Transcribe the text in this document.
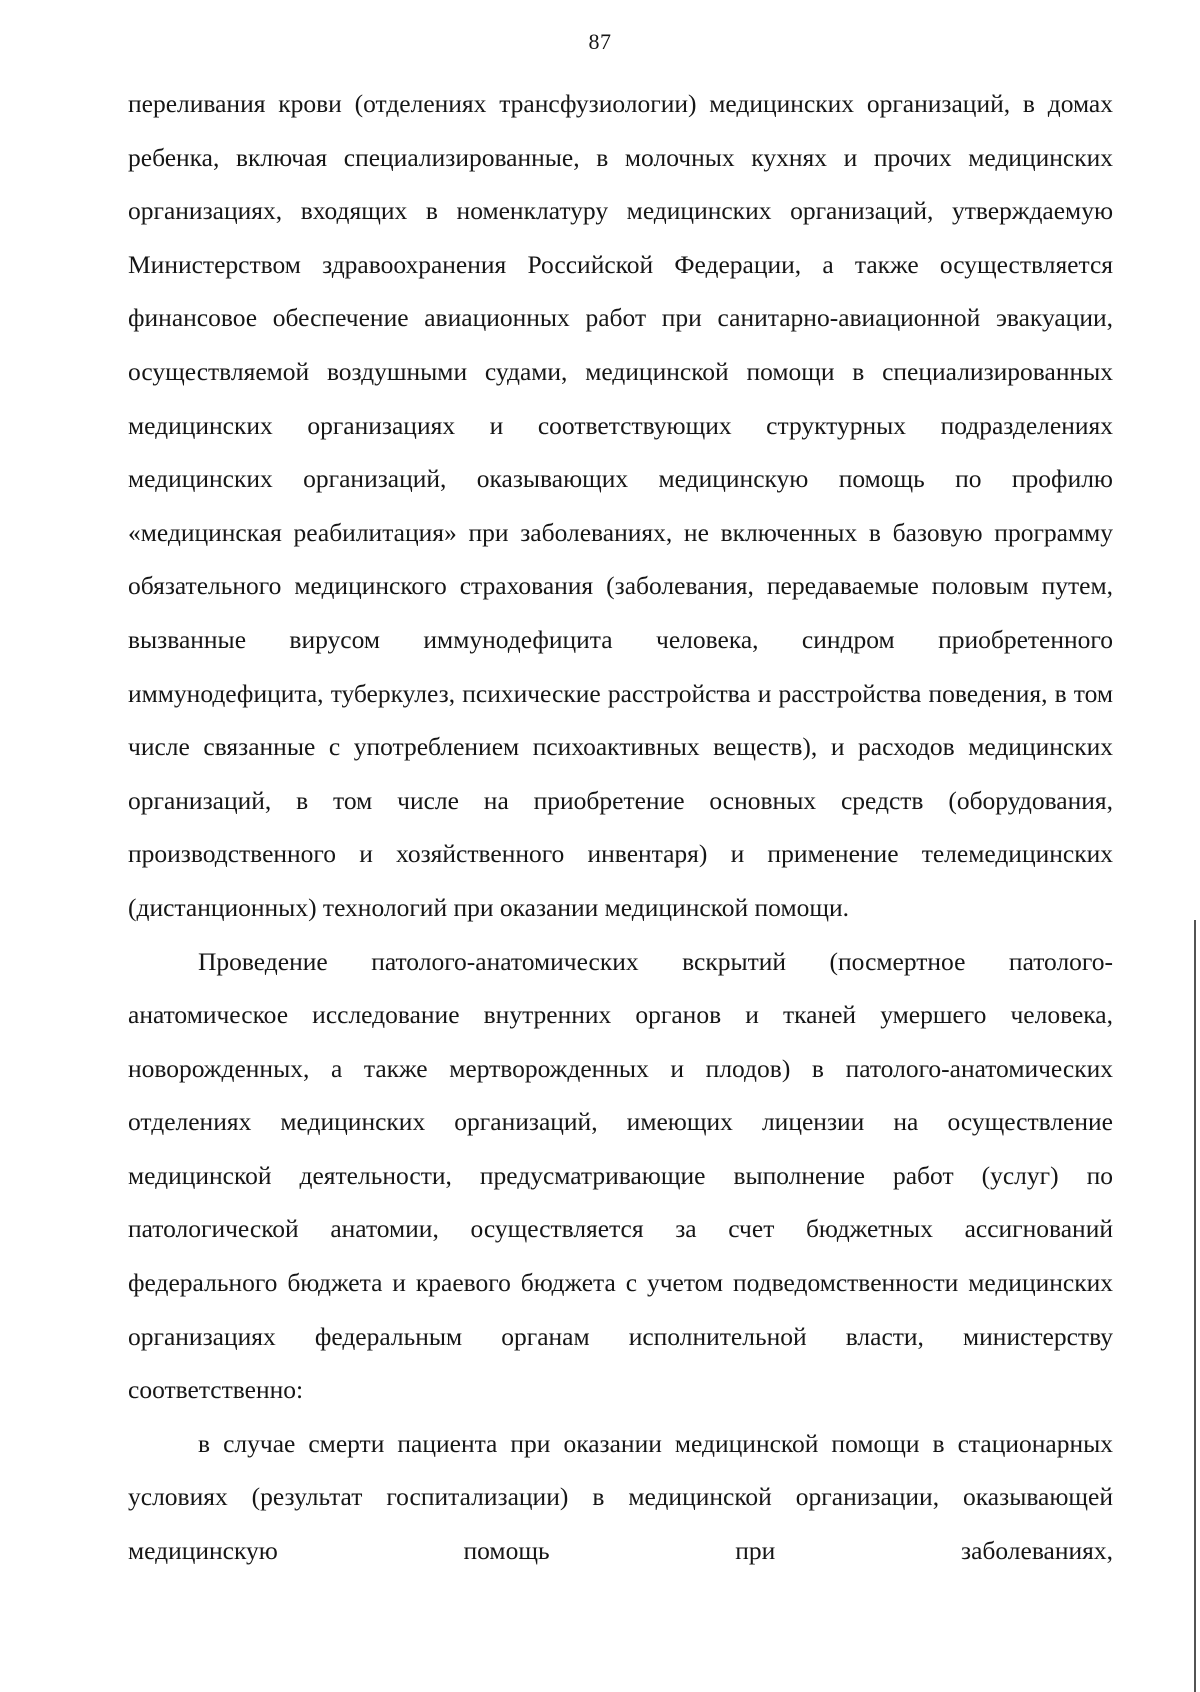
87

переливания крови (отделениях трансфузиологии) медицинских организаций, в домах ребенка, включая специализированные, в молочных кухнях и прочих медицинских организациях, входящих в номенклатуру медицинских организаций, утверждаемую Министерством здравоохранения Российской Федерации, а также осуществляется финансовое обеспечение авиационных работ при санитарно-авиационной эвакуации, осуществляемой воздушными судами, медицинской помощи в специализированных медицинских организациях и соответствующих структурных подразделениях медицинских организаций, оказывающих медицинскую помощь по профилю «медицинская реабилитация» при заболеваниях, не включенных в базовую программу обязательного медицинского страхования (заболевания, передаваемые половым путем, вызванные вирусом иммунодефицита человека, синдром приобретенного иммунодефицита, туберкулез, психические расстройства и расстройства поведения, в том числе связанные с употреблением психоактивных веществ), и расходов медицинских организаций, в том числе на приобретение основных средств (оборудования, производственного и хозяйственного инвентаря) и применение телемедицинских (дистанционных) технологий при оказании медицинской помощи.

Проведение патолого-анатомических вскрытий (посмертное патолого-анатомическое исследование внутренних органов и тканей умершего человека, новорожденных, а также мертворожденных и плодов) в патолого-анатомических отделениях медицинских организаций, имеющих лицензии на осуществление медицинской деятельности, предусматривающие выполнение работ (услуг) по патологической анатомии, осуществляется за счет бюджетных ассигнований федерального бюджета и краевого бюджета с учетом подведомственности медицинских организациях федеральным органам исполнительной власти, министерству соответственно:

в случае смерти пациента при оказании медицинской помощи в стационарных условиях (результат госпитализации) в медицинской организации, оказывающей медицинскую помощь при заболеваниях,
